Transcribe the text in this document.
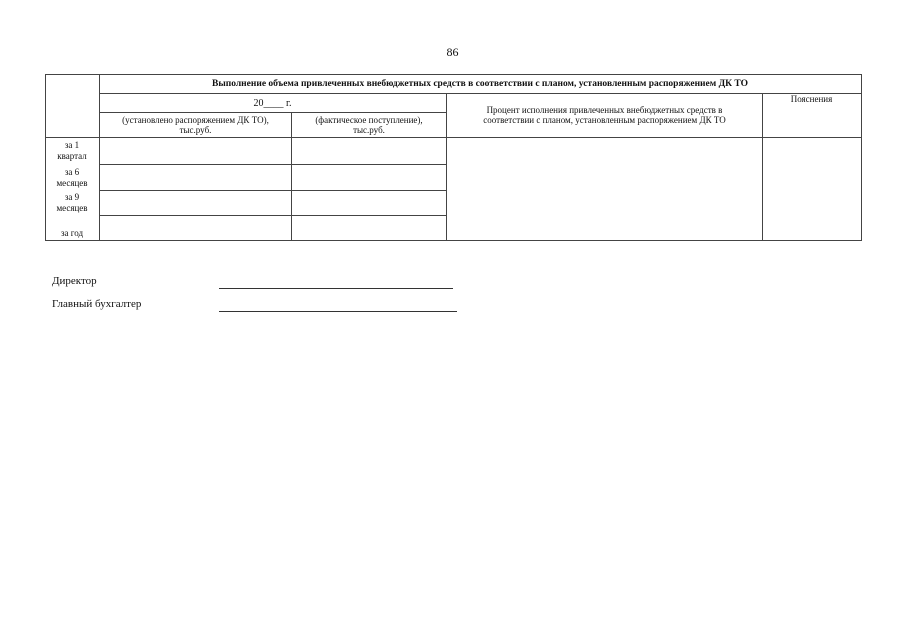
86
Выполнение объема привлеченных внебюджетных средств в соответствии с планом, установленным распоряжением ДК ТО
20____ г.
(установлено распоряжением ДК ТО),
тыс.руб.
(фактическое поступление),
тыс.руб.
Процент исполнения привлеченных внебюджетных средств в
соответствии с планом, установленным распоряжением ДК ТО
Пояснения
за 1
квартал
за 6
месяцев
за 9
месяцев
за год
Директор
Главный бухгалтер
